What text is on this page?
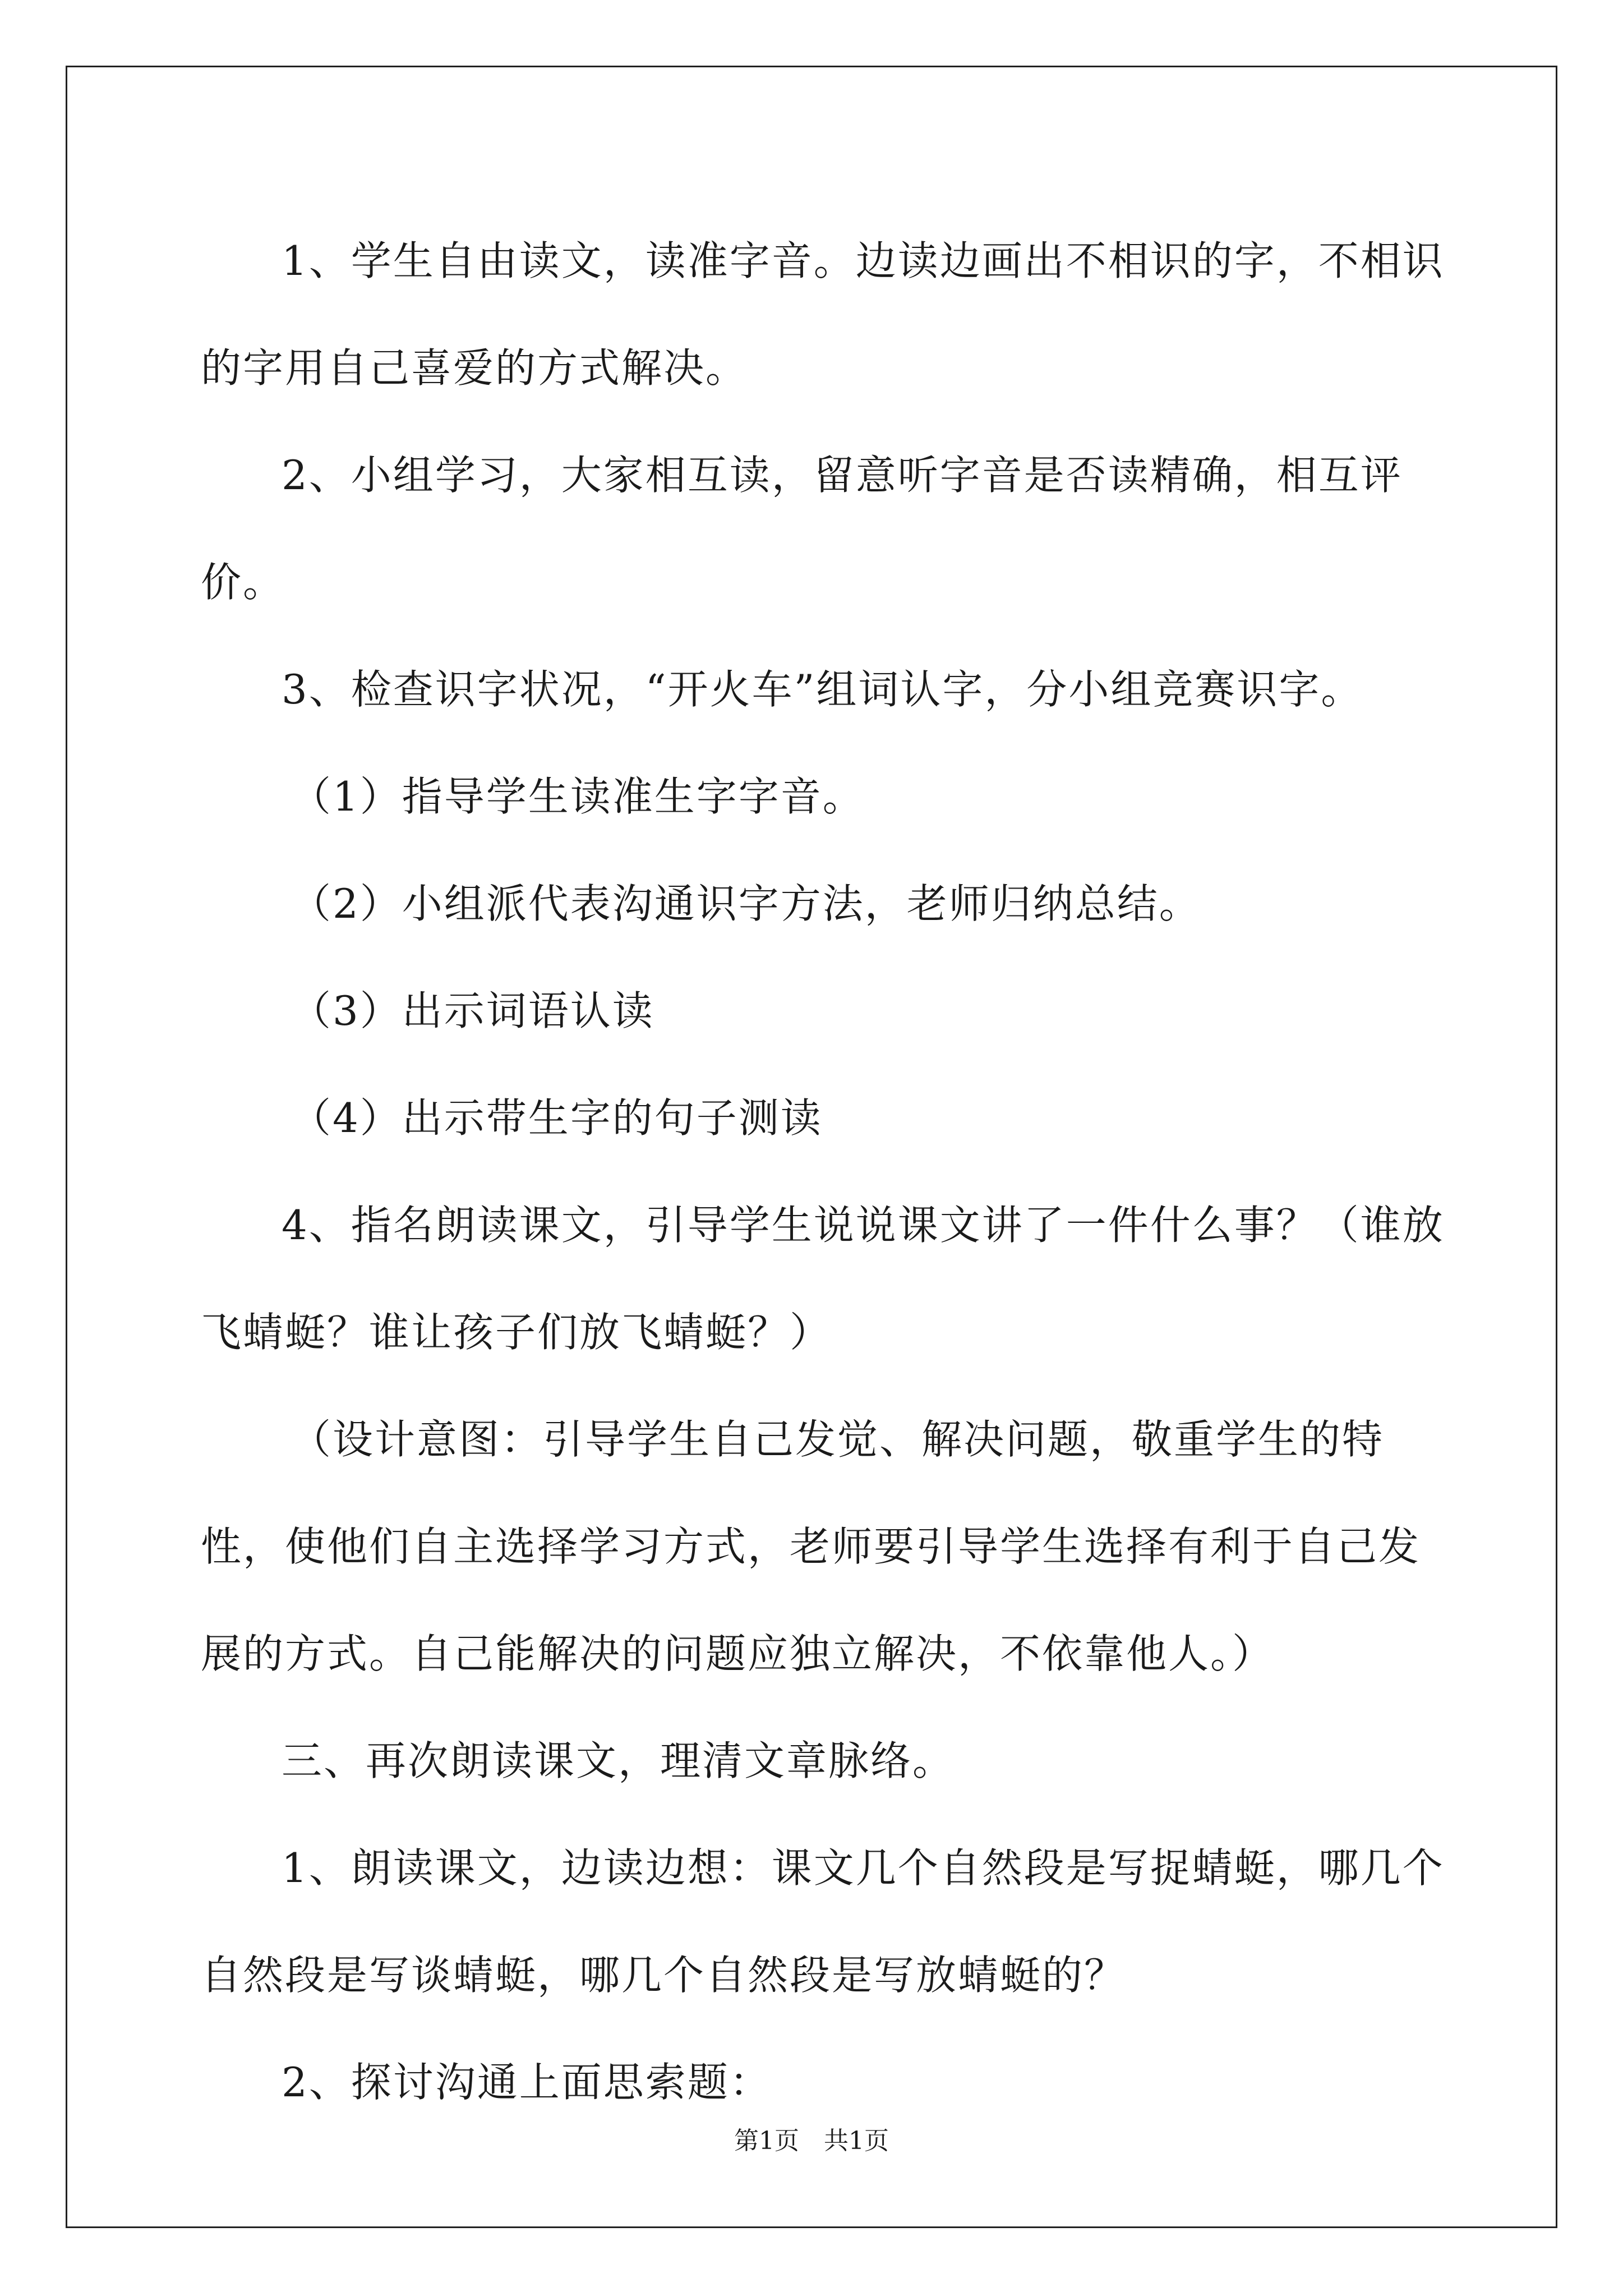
1、学生自由读文，读准字音。边读边画出不相识的字，不相识的字用自己喜爱的方式解决。

2、小组学习，大家相互读，留意听字音是否读精确，相互评价。

3、检查识字状况，“开火车”组词认字，分小组竞赛识字。

（1）指导学生读准生字字音。

（2）小组派代表沟通识字方法，老师归纳总结。

（3）出示词语认读

（4）出示带生字的句子测读

4、指名朗读课文，引导学生说说课文讲了一件什么事？（谁放飞蜻蜓？谁让孩子们放飞蜻蜓？）

（设计意图：引导学生自己发觉、解决问题，敬重学生的特性，使他们自主选择学习方式，老师要引导学生选择有利于自己发展的方式。自己能解决的问题应独立解决，不依靠他人。）

三、再次朗读课文，理清文章脉络。

1、朗读课文，边读边想：课文几个自然段是写捉蜻蜓，哪几个自然段是写谈蜻蜓，哪几个自然段是写放蜻蜓的？

2、探讨沟通上面思索题：

第1页　共1页
